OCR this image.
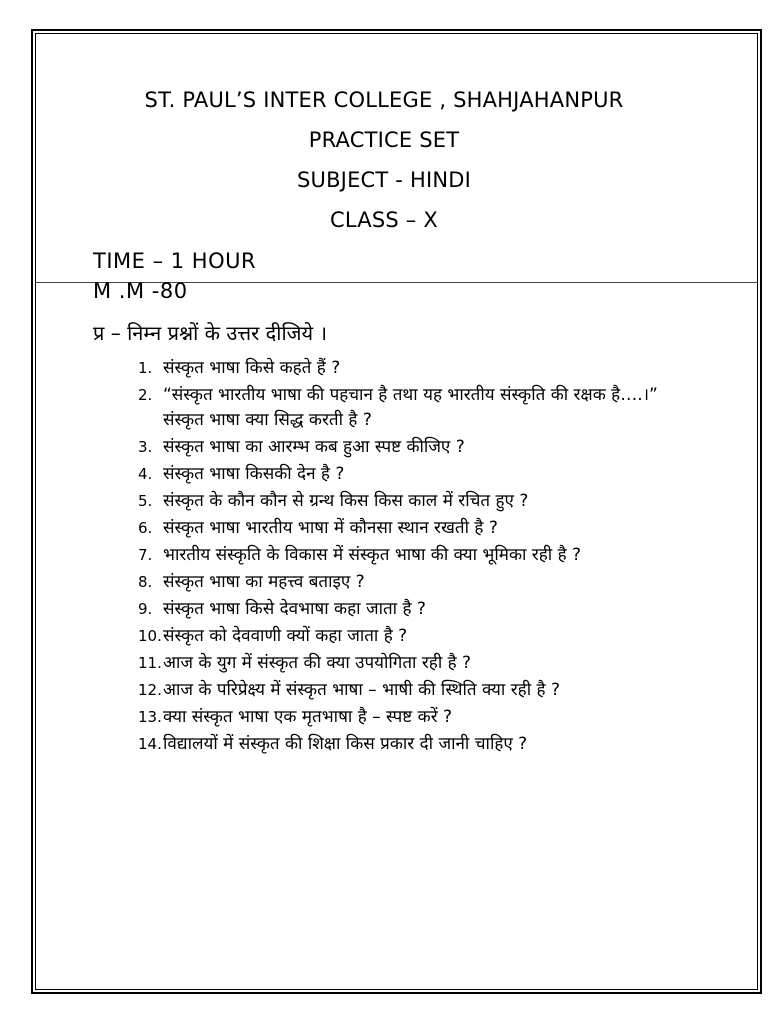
ST. PAUL’S INTER COLLEGE , SHAHJAHANPUR
PRACTICE SET
SUBJECT - HINDI
CLASS – X
TIME – 1 HOUR
M .M -80
प्र – निम्न प्रश्नों के उत्तर दीजिये ।
1. संस्कृत भाषा किसे कहते हैं ?
2. “संस्कृत भारतीय भाषा की पहचान है तथा यह भारतीय संस्कृति की रक्षक है….।” संस्कृत भाषा क्या सिद्ध करती है ?
3. संस्कृत भाषा का आरम्भ कब हुआ स्पष्ट कीजिए ?
4. संस्कृत भाषा किसकी देन है ?
5. संस्कृत के कौन कौन से ग्रन्थ किस किस काल में रचित हुए ?
6. संस्कृत भाषा भारतीय भाषा में कौनसा स्थान रखती है ?
7. भारतीय संस्कृति के विकास में संस्कृत भाषा की क्या भूमिका रही है ?
8. संस्कृत भाषा का महत्त्व बताइए ?
9. संस्कृत भाषा किसे देवभाषा कहा जाता है ?
10. संस्कृत को देववाणी क्यों कहा जाता है ?
11. आज के युग में संस्कृत की क्या उपयोगिता रही है ?
12. आज के परिप्रेक्ष्य में संस्कृत भाषा – भाषी की स्थिति क्या रही है ?
13. क्या संस्कृत भाषा एक मृतभाषा है – स्पष्ट करें ?
14. विद्यालयों में संस्कृत की शिक्षा किस प्रकार दी जानी चाहिए ?
